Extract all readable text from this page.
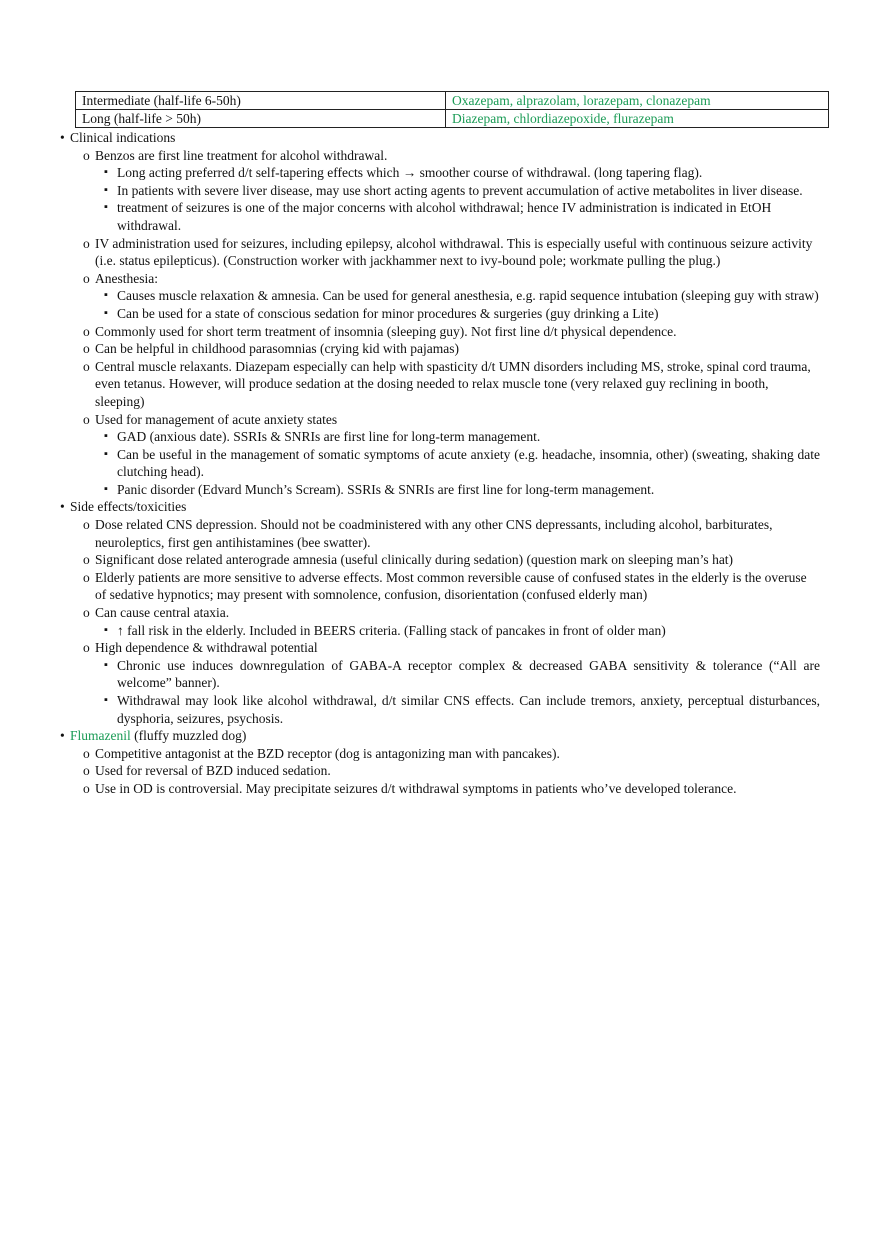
Intermediate (half-life 6-50h)	Oxazepam, alprazolam, lorazepam, clonazepam
Long (half-life > 50h)	Diazepam, chlordiazepoxide, flurazepam
• Clinical indications
o Benzos are first line treatment for alcohol withdrawal.
▪ Long acting preferred d/t self-tapering effects which → smoother course of withdrawal. (long tapering flag).
▪ In patients with severe liver disease, may use short acting agents to prevent accumulation of active metabolites in liver disease.
▪ treatment of seizures is one of the major concerns with alcohol withdrawal; hence IV administration is indicated in EtOH withdrawal.
o IV administration used for seizures, including epilepsy, alcohol withdrawal. This is especially useful with continuous seizure activity (i.e. status epilepticus). (Construction worker with jackhammer next to ivy-bound pole; workmate pulling the plug.)
o Anesthesia:
▪ Causes muscle relaxation & amnesia. Can be used for general anesthesia, e.g. rapid sequence intubation (sleeping guy with straw)
▪ Can be used for a state of conscious sedation for minor procedures & surgeries (guy drinking a Lite)
o Commonly used for short term treatment of insomnia (sleeping guy). Not first line d/t physical dependence.
o Can be helpful in childhood parasomnias (crying kid with pajamas)
o Central muscle relaxants. Diazepam especially can help with spasticity d/t UMN disorders including MS, stroke, spinal cord trauma, even tetanus. However, will produce sedation at the dosing needed to relax muscle tone (very relaxed guy reclining in booth, sleeping)
o Used for management of acute anxiety states
▪ GAD (anxious date). SSRIs & SNRIs are first line for long-term management.
▪ Can be useful in the management of somatic symptoms of acute anxiety (e.g. headache, insomnia, other) (sweating, shaking date clutching head).
▪ Panic disorder (Edvard Munch’s Scream). SSRIs & SNRIs are first line for long-term management.
• Side effects/toxicities
o Dose related CNS depression. Should not be coadministered with any other CNS depressants, including alcohol, barbiturates, neuroleptics, first gen antihistamines (bee swatter).
o Significant dose related anterograde amnesia (useful clinically during sedation) (question mark on sleeping man’s hat)
o Elderly patients are more sensitive to adverse effects. Most common reversible cause of confused states in the elderly is the overuse of sedative hypnotics; may present with somnolence, confusion, disorientation (confused elderly man)
o Can cause central ataxia.
▪ ↑ fall risk in the elderly. Included in BEERS criteria. (Falling stack of pancakes in front of older man)
o High dependence & withdrawal potential
▪ Chronic use induces downregulation of GABA-A receptor complex & decreased GABA sensitivity & tolerance (“All are welcome” banner).
▪ Withdrawal may look like alcohol withdrawal, d/t similar CNS effects. Can include tremors, anxiety, perceptual disturbances, dysphoria, seizures, psychosis.
• Flumazenil (fluffy muzzled dog)
o Competitive antagonist at the BZD receptor (dog is antagonizing man with pancakes).
o Used for reversal of BZD induced sedation.
o Use in OD is controversial. May precipitate seizures d/t withdrawal symptoms in patients who’ve developed tolerance.
